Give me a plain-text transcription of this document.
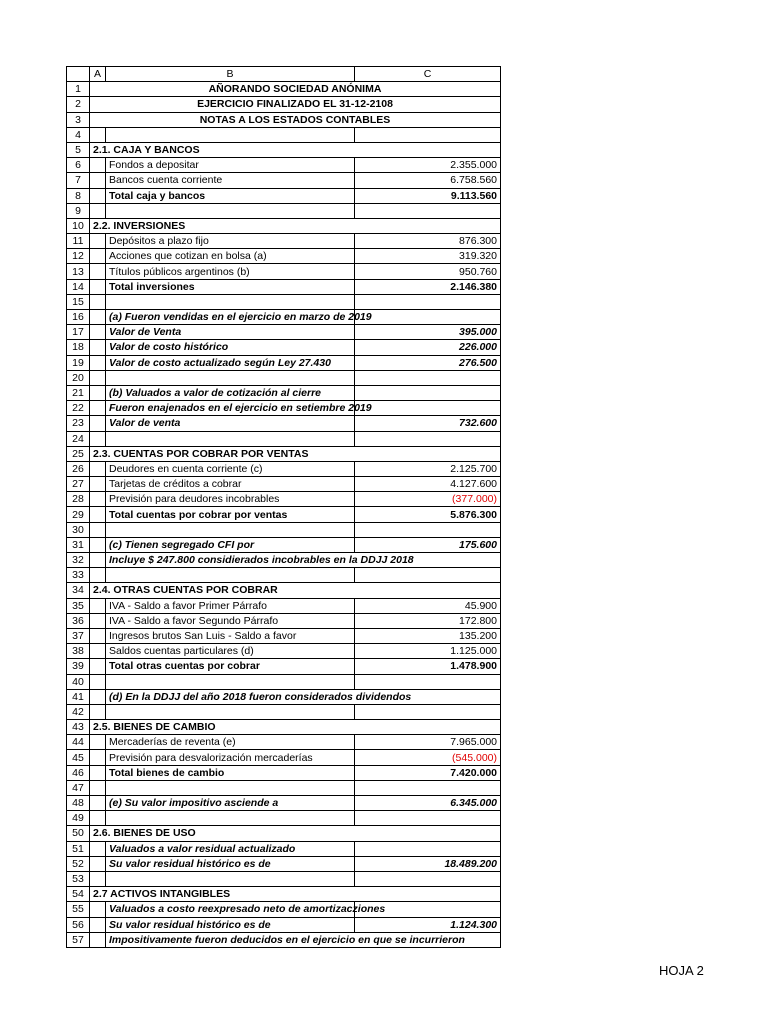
	A	B	C
1	AÑORANDO SOCIEDAD ANÓNIMA		
2	EJERCICIO FINALIZADO EL 31-12-2108		
3	NOTAS A LOS ESTADOS CONTABLES		
4			
5	2.1. CAJA Y BANCOS		
6		Fondos a depositar	2.355.000
7		Bancos cuenta corriente	6.758.560
8		Total caja y bancos	9.113.560
9			
10	2.2. INVERSIONES		
11		Depósitos a plazo fijo	876.300
12		Acciones que cotizan en bolsa (a)	319.320
13		Títulos públicos argentinos (b)	950.760
14		Total inversiones	2.146.380
15			
16		(a) Fueron vendidas en el ejercicio en marzo de 2019	
17		Valor de Venta	395.000
18		Valor de costo histórico	226.000
19		Valor de costo actualizado según Ley 27.430	276.500
20			
21		(b) Valuados a valor de cotización al cierre	
22		Fueron enajenados en el ejercicio en setiembre 2019	
23		Valor de venta	732.600
24			
25	2.3. CUENTAS POR COBRAR POR VENTAS		
26		Deudores en cuenta corriente (c)	2.125.700
27		Tarjetas de créditos a cobrar	4.127.600
28		Previsión para deudores incobrables	(377.000)
29		Total cuentas por cobrar por ventas	5.876.300
30			
31		(c) Tienen segregado CFI por	175.600
32		Incluye $ 247.800 considierados incobrables en la DDJJ 2018	
33			
34	2.4. OTRAS CUENTAS POR COBRAR		
35		IVA - Saldo a favor Primer Párrafo	45.900
36		IVA - Saldo a favor Segundo Párrafo	172.800
37		Ingresos brutos San Luis - Saldo a favor	135.200
38		Saldos cuentas particulares (d)	1.125.000
39		Total otras cuentas por cobrar	1.478.900
40			
41		(d) En la DDJJ del año 2018 fueron considerados dividendos	
42			
43	2.5. BIENES DE CAMBIO		
44		Mercaderías de reventa (e)	7.965.000
45		Previsión para desvalorización mercaderías	(545.000)
46		Total bienes de cambio	7.420.000
47			
48		(e) Su valor impositivo asciende a	6.345.000
49			
50	2.6. BIENES DE USO		
51		Valuados a valor residual actualizado	
52		Su valor residual histórico es de	18.489.200
53			
54	2.7 ACTIVOS INTANGIBLES		
55		Valuados a costo reexpresado neto de amortizacziones	
56		Su valor residual histórico es de	1.124.300
57		Impositivamente fueron deducidos en el ejercicio en que se incurrieron	
HOJA 2
